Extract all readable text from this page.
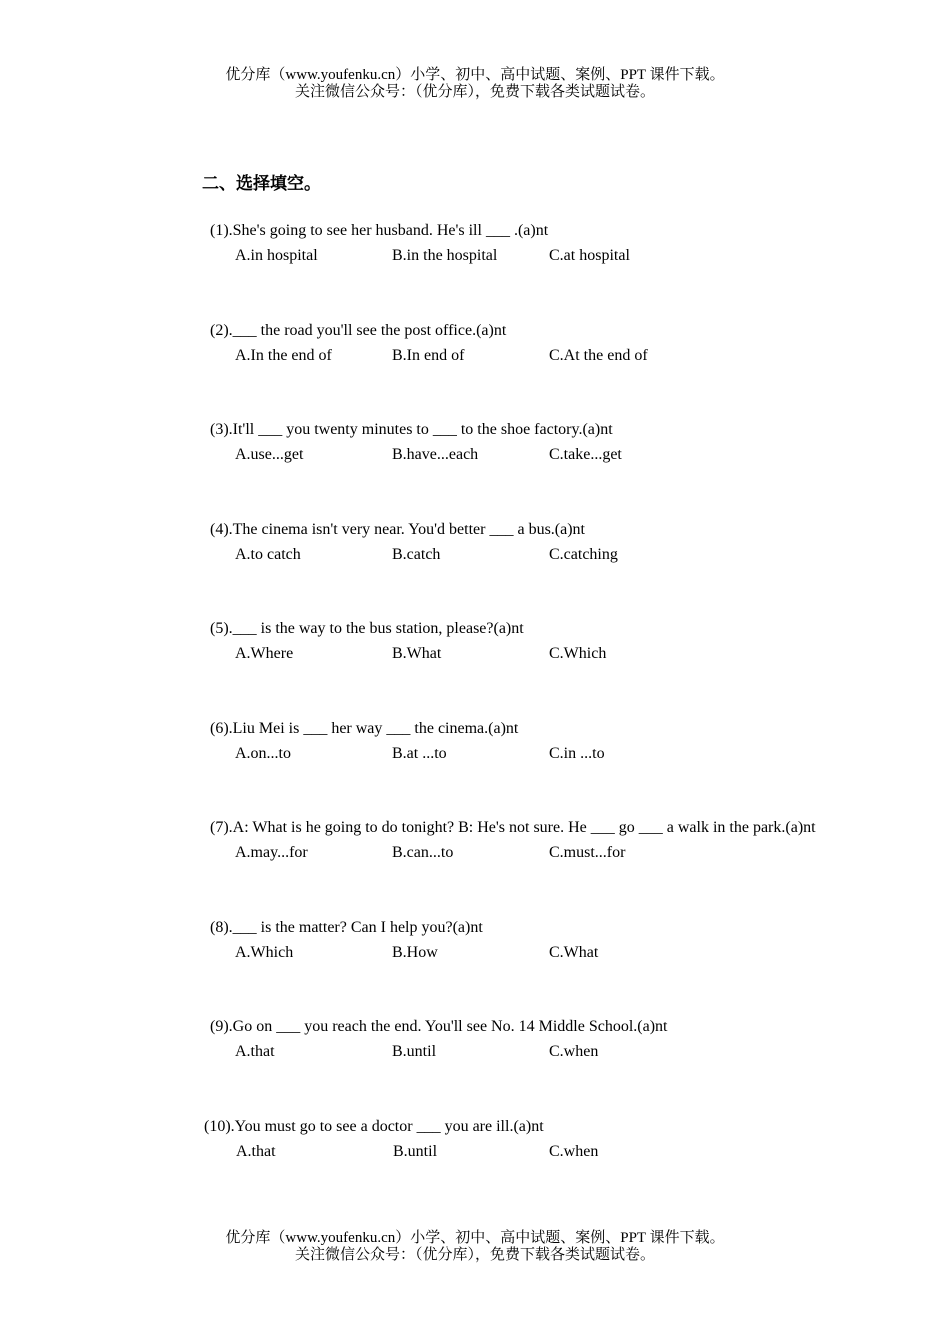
优分库（www.youfenku.cn）小学、初中、高中试题、案例、PPT 课件下载。
关注微信公众号：（优分库），免费下载各类试题试卷。
二、选择填空。
(1).She's going to see her husband. He's ill ___ .(a)nt
A.in hospital	B.in the hospital	C.at hospital
(2).___ the road you'll see the post office.(a)nt
A.In the end of	B.In end of	C.At the end of
(3).It'll ___ you twenty minutes to ___ to the shoe factory.(a)nt
A.use...get	B.have...each	C.take...get
(4).The cinema isn't very near. You'd better ___ a bus.(a)nt
A.to catch	B.catch	C.catching
(5).___ is the way to the bus station, please?(a)nt
A.Where	B.What	C.Which
(6).Liu Mei is ___ her way ___ the cinema.(a)nt
A.on...to	B.at ...to	C.in ...to
(7).A: What is he going to do tonight? B: He's not sure. He ___ go ___ a walk in the park.(a)nt
A.may...for	B.can...to	C.must...for
(8).___ is the matter? Can I help you?(a)nt
A.Which	B.How	C.What
(9).Go on ___ you reach the end. You'll see No. 14 Middle School.(a)nt
A.that	B.until	C.when
(10).You must go to see a doctor ___ you are ill.(a)nt
A.that	B.until	C.when
优分库（www.youfenku.cn）小学、初中、高中试题、案例、PPT 课件下载。
关注微信公众号：（优分库），免费下载各类试题试卷。
